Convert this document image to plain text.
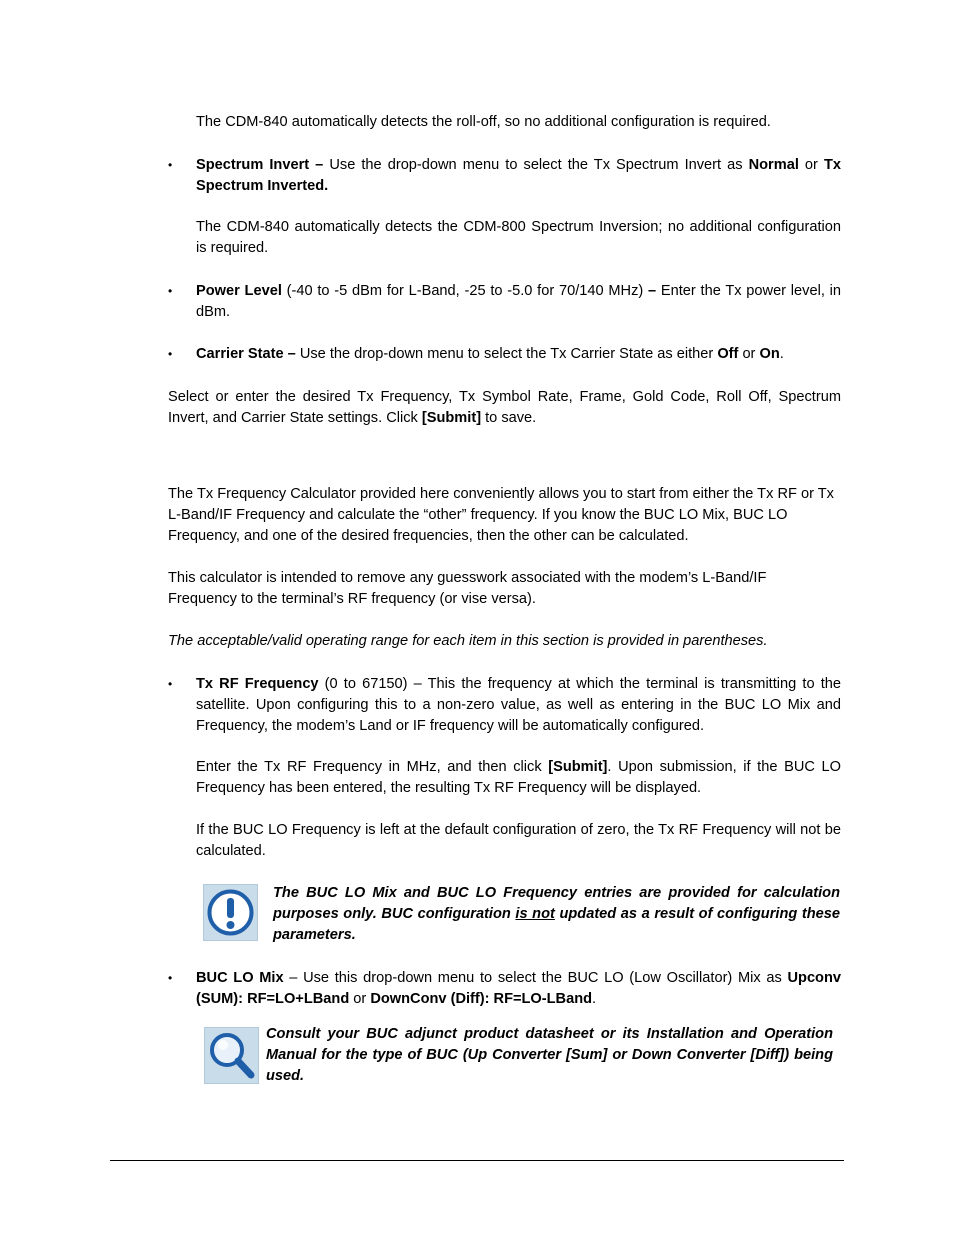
The CDM-840 automatically detects the roll-off, so no additional configuration is required.

• Spectrum Invert – Use the drop-down menu to select the Tx Spectrum Invert as Normal or Tx Spectrum Inverted.

The CDM-840 automatically detects the CDM-800 Spectrum Inversion; no additional configuration is required.

• Power Level (-40 to -5 dBm for L-Band, -25 to -5.0 for 70/140 MHz) – Enter the Tx power level, in dBm.

• Carrier State – Use the drop-down menu to select the Tx Carrier State as either Off or On.

Select or enter the desired Tx Frequency, Tx Symbol Rate, Frame, Gold Code, Roll Off, Spectrum Invert, and Carrier State settings. Click [Submit] to save.

The Tx Frequency Calculator provided here conveniently allows you to start from either the Tx RF or Tx L-Band/IF Frequency and calculate the “other” frequency. If you know the BUC LO Mix, BUC LO Frequency, and one of the desired frequencies, then the other can be calculated.

This calculator is intended to remove any guesswork associated with the modem’s L-Band/IF Frequency to the terminal’s RF frequency (or vise versa).

The acceptable/valid operating range for each item in this section is provided in parentheses.

• Tx RF Frequency (0 to 67150) – This the frequency at which the terminal is transmitting to the satellite. Upon configuring this to a non-zero value, as well as entering in the BUC LO Mix and Frequency, the modem’s Land or IF frequency will be automatically configured.

Enter the Tx RF Frequency in MHz, and then click [Submit]. Upon submission, if the BUC LO Frequency has been entered, the resulting Tx RF Frequency will be displayed.

If the BUC LO Frequency is left at the default configuration of zero, the Tx RF Frequency will not be calculated.

The BUC LO Mix and BUC LO Frequency entries are provided for calculation purposes only. BUC configuration is not updated as a result of configuring these parameters.

• BUC LO Mix – Use this drop-down menu to select the BUC LO (Low Oscillator) Mix as Upconv (SUM): RF=LO+LBand or DownConv (Diff): RF=LO-LBand.

Consult your BUC adjunct product datasheet or its Installation and Operation Manual for the type of BUC (Up Converter [Sum] or Down Converter [Diff]) being used.
